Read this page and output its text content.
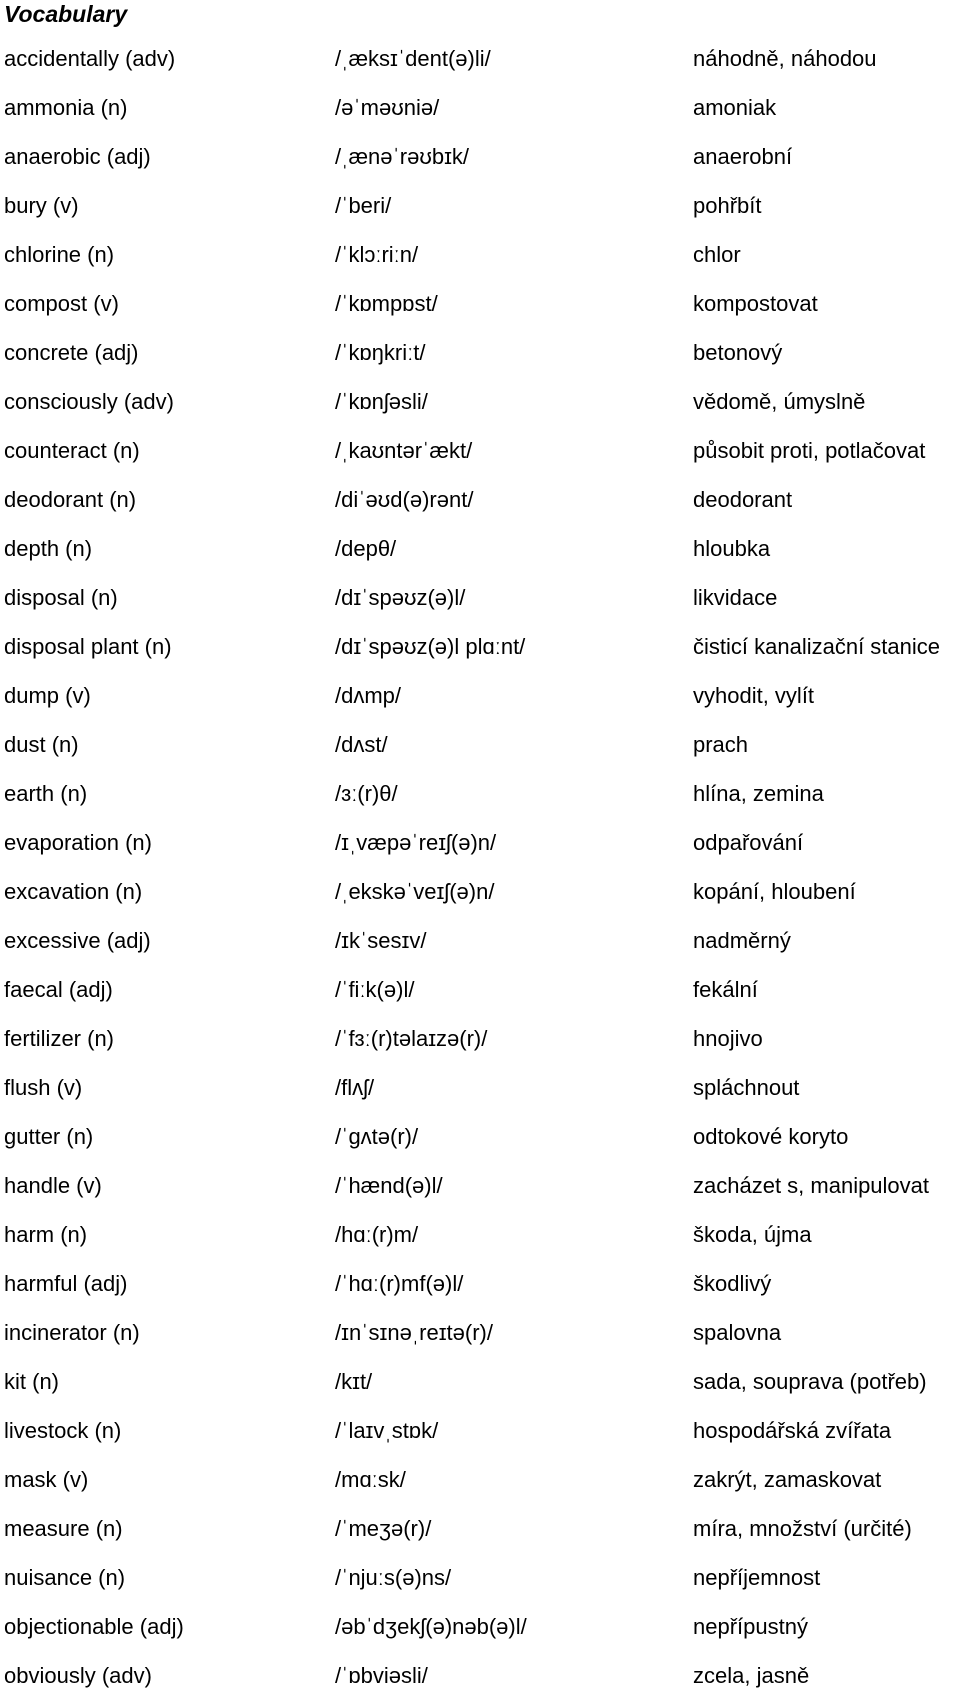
Vocabulary
accidentally (adv)	/ˌæksɪˈdent(ə)li/	náhodně, náhodou
ammonia (n)	/əˈməʊniə/	amoniak
anaerobic (adj)	/ˌænəˈrəʊbɪk/	anaerobní
bury (v)	/ˈberi/	pohřbít
chlorine (n)	/ˈklɔːriːn/	chlor
compost (v)	/ˈkɒmpɒst/	kompostovat
concrete (adj)	/ˈkɒŋkriːt/	betonový
consciously (adv)	/ˈkɒnʃəsli/	vědomě, úmyslně
counteract (n)	/ˌkaʊntərˈækt/	působit proti, potlačovat
deodorant (n)	/diˈəʊd(ə)rənt/	deodorant
depth (n)	/depθ/	hloubka
disposal (n)	/dɪˈspəʊz(ə)l/	likvidace
disposal plant (n)	/dɪˈspəʊz(ə)l plɑːnt/	čisticí kanalizační stanice
dump (v)	/dʌmp/	vyhodit, vylít
dust (n)	/dʌst/	prach
earth (n)	/ɜː(r)θ/	hlína, zemina
evaporation (n)	/ɪˌvæpəˈreɪʃ(ə)n/	odpařování
excavation (n)	/ˌekskəˈveɪʃ(ə)n/	kopání, hloubení
excessive (adj)	/ɪkˈsesɪv/	nadměrný
faecal (adj)	/ˈfiːk(ə)l/	fekální
fertilizer (n)	/ˈfɜː(r)təlaɪzə(r)/	hnojivo
flush (v)	/flʌʃ/	spláchnout
gutter (n)	/ˈɡʌtə(r)/	odtokové koryto
handle (v)	/ˈhænd(ə)l/	zacházet s, manipulovat
harm (n)	/hɑː(r)m/	škoda, újma
harmful (adj)	/ˈhɑː(r)mf(ə)l/	škodlivý
incinerator (n)	/ɪnˈsɪnəˌreɪtə(r)/	spalovna
kit (n)	/kɪt/	sada, souprava (potřeb)
livestock (n)	/ˈlaɪvˌstɒk/	hospodářská zvířata
mask (v)	/mɑːsk/	zakrýt, zamaskovat
measure (n)	/ˈmeʒə(r)/	míra, množství (určité)
nuisance (n)	/ˈnjuːs(ə)ns/	nepříjemnost
objectionable (adj)	/əbˈdʒekʃ(ə)nəb(ə)l/	nepřípustný
obviously (adv)	/ˈɒbviəsli/	zcela, jasně
